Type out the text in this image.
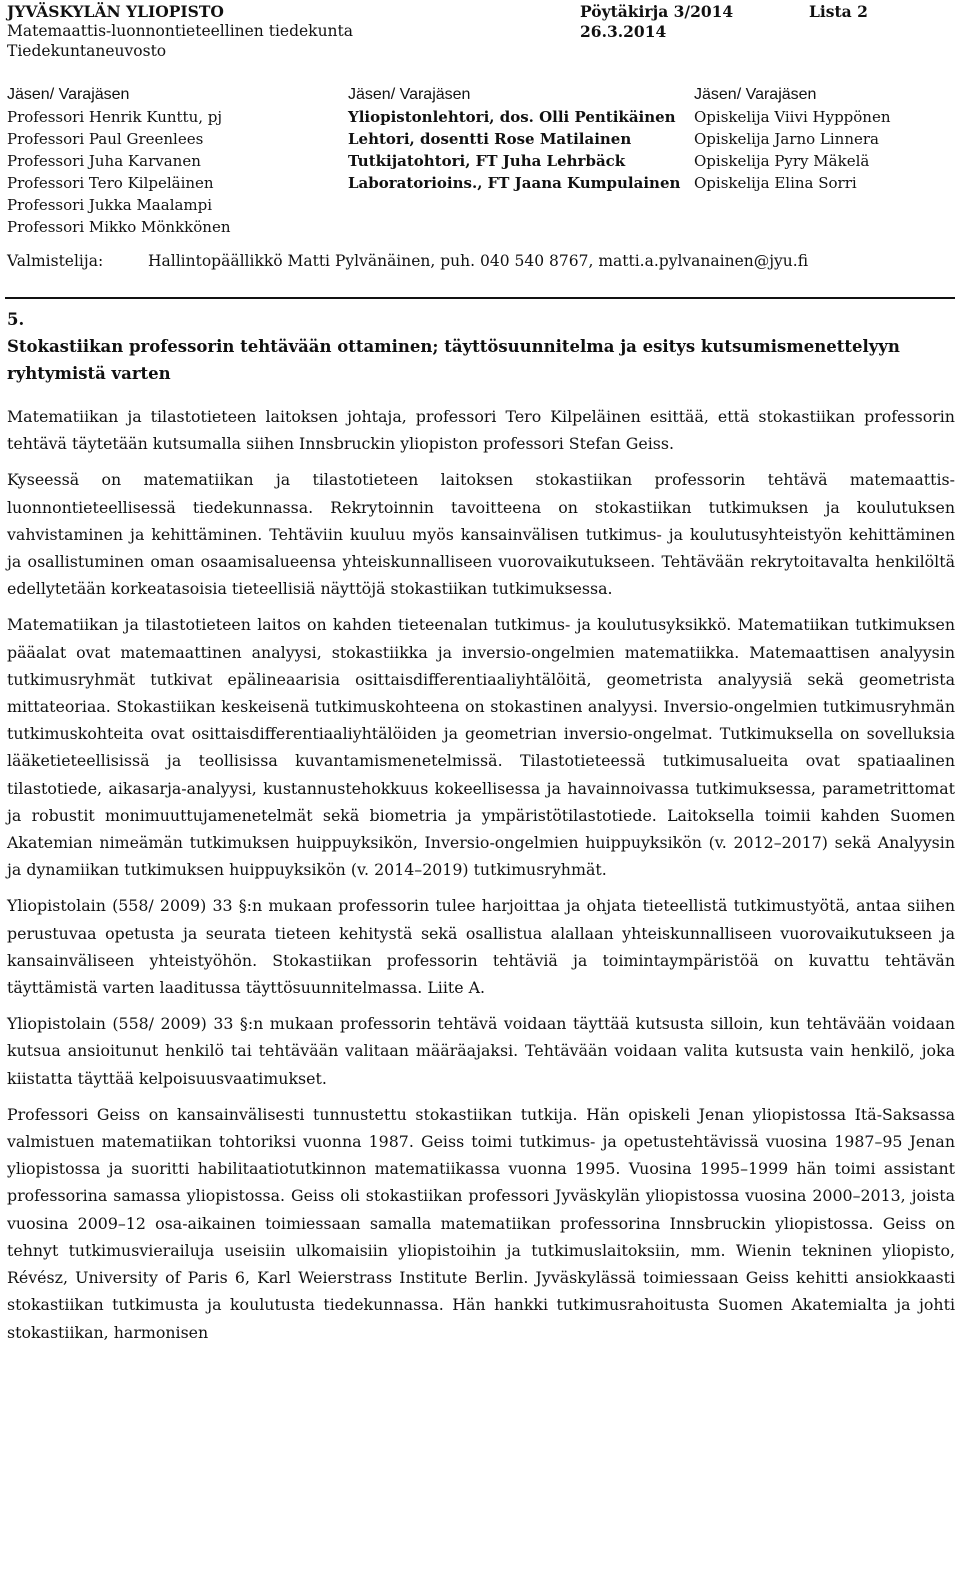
JYVÄSKYLÄN YLIOPISTO
Matemaattis-luonnontieteellinen tiedekunta
Tiedekuntaneuvosto
Pöytäkirja 3/2014	Lista 2
26.3.2014
Jäsen/ Varajäsen
Professori Henrik Kunttu, pj
Professori Paul Greenlees
Professori Juha Karvanen
Professori Tero Kilpeläinen
Professori Jukka Maalampi
Professori Mikko Mönkkönen
Jäsen/ Varajäsen
Yliopistonlehtori, dos. Olli Pentikäinen
Lehtori, dosentti Rose Matilainen
Tutkijatohtori, FT Juha Lehrbäck
Laboratorioins., FT Jaana Kumpulainen
Jäsen/ Varajäsen
Opiskelija Viivi Hyppönen
Opiskelija Jarno Linnera
Opiskelija Pyry Mäkelä
Opiskelija Elina Sorri
Valmistelija:	Hallintopäällikkö Matti Pylvänäinen, puh. 040 540 8767, matti.a.pylvanainen@jyu.fi

5.

Stokastiikan professorin tehtävään ottaminen; täyttösuunnitelma ja esitys kutsumismenettelyyn ryhtymistä varten

Matematiikan ja tilastotieteen laitoksen johtaja, professori Tero Kilpeläinen esittää, että stokastiikan professorin tehtävä täytetään kutsumalla siihen Innsbruckin yliopiston professori Stefan Geiss.

Kyseessä on matematiikan ja tilastotieteen laitoksen stokastiikan professorin tehtävä matemaattis-luonnontieteellisessä tiedekunnassa. Rekrytoinnin tavoitteena on stokastiikan tutkimuksen ja koulutuksen vahvistaminen ja kehittäminen. Tehtäviin kuuluu myös kansainvälisen tutkimus- ja koulutusyhteistyön kehittäminen ja osallistuminen oman osaamisalueensa yhteiskunnalliseen vuorovaikutukseen. Tehtävään rekrytoitavalta henkilöltä edellytetään korkeatasoisia tieteellisiä näyttöjä stokastiikan tutkimuksessa.

Matematiikan ja tilastotieteen laitos on kahden tieteenalan tutkimus- ja koulutusyksikkö. Matematiikan tutkimuksen pääalat ovat matemaattinen analyysi, stokastiikka ja inversio-ongelmien matematiikka. Matemaattisen analyysin tutkimusryhmät tutkivat epälineaarisia osittaisdifferentiaaliyhtälöitä, geometrista analyysiä sekä geometrista mittateoriaa. Stokastiikan keskeisenä tutkimuskohteena on stokastinen analyysi. Inversio-ongelmien tutkimusryhmän tutkimuskohteita ovat osittaisdifferentiaaliyhtälöiden ja geometrian inversio-ongelmat. Tutkimuksella on sovelluksia lääketieteellisissä ja teollisissa kuvantamismenetelmissä. Tilastotieteessä tutkimusalueita ovat spatiaalinen tilastotiede, aikasarja-analyysi, kustannustehokkuus kokeellisessa ja havainnoivassa tutkimuksessa, parametrittomat ja robustit monimuuttujamenetelmät sekä biometria ja ympäristötilastotiede. Laitoksella toimii kahden Suomen Akatemian nimeämän tutkimuksen huippuyksikön, Inversio-ongelmien huippuyksikön (v. 2012–2017) sekä Analyysin ja dynamiikan tutkimuksen huippuyksikön (v. 2014–2019) tutkimusryhmät.

Yliopistolain (558/ 2009) 33 §:n mukaan professorin tulee harjoittaa ja ohjata tieteellistä tutkimustyötä, antaa siihen perustuvaa opetusta ja seurata tieteen kehitystä sekä osallistua alallaan yhteiskunnalliseen vuorovaikutukseen ja kansainväliseen yhteistyöhön. Stokastiikan professorin tehtäviä ja toimintaympäristöä on kuvattu tehtävän täyttämistä varten laaditussa täyttösuunnitelmassa. Liite A.

Yliopistolain (558/ 2009) 33 §:n mukaan professorin tehtävä voidaan täyttää kutsusta silloin, kun tehtävään voidaan kutsua ansioitunut henkilö tai tehtävään valitaan määräajaksi. Tehtävään voidaan valita kutsusta vain henkilö, joka kiistatta täyttää kelpoisuusvaatimukset.

Professori Geiss on kansainvälisesti tunnustettu stokastiikan tutkija. Hän opiskeli Jenan yliopistossa Itä-Saksassa valmistuen matematiikan tohtoriksi vuonna 1987. Geiss toimi tutkimus- ja opetustehtävissä vuosina 1987–95 Jenan yliopistossa ja suoritti habilitaatiotutkinnon matematiikassa vuonna 1995. Vuosina 1995–1999 hän toimi assistant professorina samassa yliopistossa. Geiss oli stokastiikan professori Jyväskylän yliopistossa vuosina 2000–2013, joista vuosina 2009–12 osa-aikainen toimiessaan samalla matematiikan professorina Innsbruckin yliopistossa. Geiss on tehnyt tutkimusvierailuja useisiin ulkomaisiin yliopistoihin ja tutkimuslaitoksiin, mm. Wienin tekninen yliopisto, Révész, University of Paris 6, Karl Weierstrass Institute Berlin. Jyväskylässä toimiessaan Geiss kehitti ansiokkaasti stokastiikan tutkimusta ja koulutusta tiedekunnassa. Hän hankki tutkimusrahoitusta Suomen Akatemialta ja johti stokastiikan, harmonisen
